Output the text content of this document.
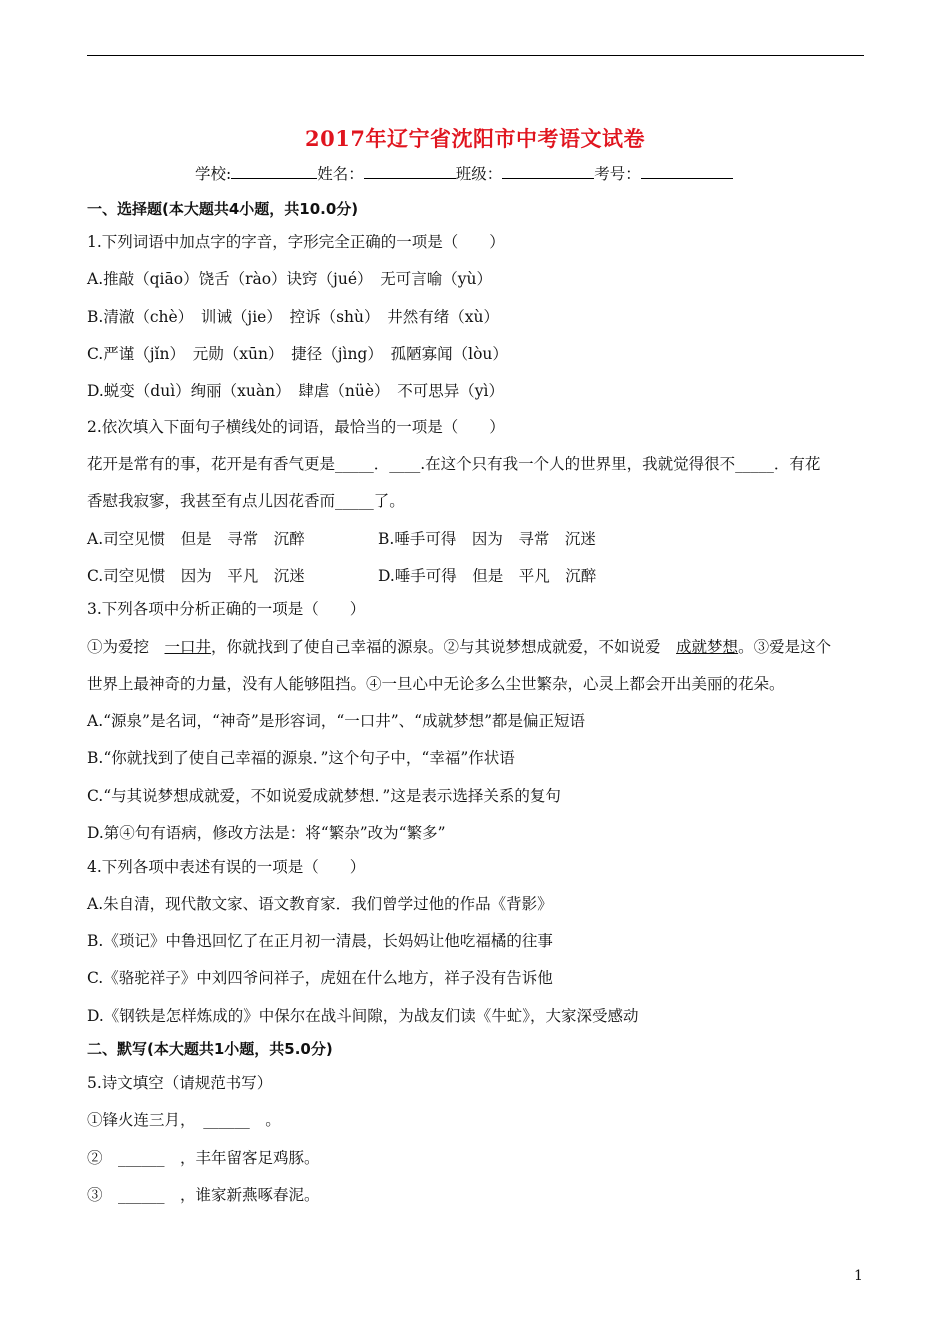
2017年辽宁省沈阳市中考语文试卷
学校:	姓名：	班级：	考号：
一、选择题(本大题共4小题，共10.0分)
1.下列词语中加点字的字音，字形完全正确的一项是（　　）
A.推敲（qiāo）饶舌（ràο）诀窍（jué）　无可言喻（yù）
B.清澈（chè）　训诫（jie）　控诉（shù）　井然有绪（xù）
C.严谨（jǐn）　元勋（xūn）　捷径（jìng）　孤陋寡闻（lòu）
D.蜕变（duì）绚丽（xuàn）　肆虐（nüè）　不可思异（yì）
2.依次填入下面句子横线处的词语，最恰当的一项是（　　）
花开是常有的事，花开是有香气更是_____．____.在这个只有我一个人的世界里，我就觉得很不_____．有花
香慰我寂寥，我甚至有点儿因花香而_____了。
A.司空见惯　但是　寻常　沉醉	B.唾手可得　因为　寻常　沉迷
C.司空见惯　因为　平凡　沉迷	D.唾手可得　但是　平凡　沉醉
3.下列各项中分析正确的一项是（　　）
①为爱挖　一口井，你就找到了使自己幸福的源泉。②与其说梦想成就爱，不如说爱　成就梦想。③爱是这个
世界上最神奇的力量，没有人能够阻挡。④一旦心中无论多么尘世繁杂，心灵上都会开出美丽的花朵。
A.“源泉”是名词，“神奇”是形容词，“一口井”、“成就梦想”都是偏正短语
B.“你就找到了使自己幸福的源泉．”这个句子中，“幸福”作状语
C.“与其说梦想成就爱，不如说爱成就梦想．”这是表示选择关系的复句
D.第④句有语病，修改方法是：将“繁杂”改为“繁多”
4.下列各项中表述有误的一项是（　　）
A.朱自清，现代散文家、语文教育家．我们曾学过他的作品《背影》
B.《琐记》中鲁迅回忆了在正月初一清晨，长妈妈让他吃福橘的往事
C.《骆驼祥子》中刘四爷问祥子，虎妞在什么地方，祥子没有告诉他
D.《钢铁是怎样炼成的》中保尔在战斗间隙，为战友们读《牛虻》，大家深受感动
二、默写(本大题共1小题，共5.0分)
5.诗文填空（请规范书写）
①锋火连三月，　______　。
②　______　，丰年留客足鸡豚。
③　______　，谁家新燕啄春泥。
1
